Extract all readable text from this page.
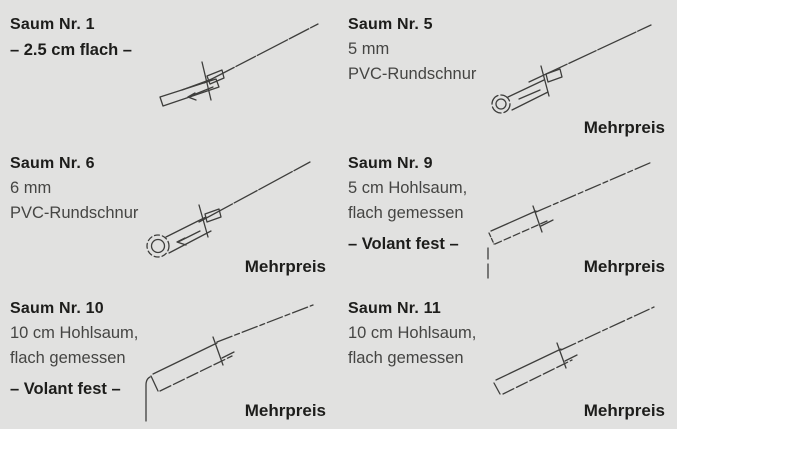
Saum Nr. 1
– 2.5 cm flach –
Saum Nr. 5
5 mm
PVC-Rundschnur
Mehrpreis
Saum Nr. 6
6 mm
PVC-Rundschnur
Mehrpreis
Saum Nr. 9
5 cm Hohlsaum,
flach gemessen
– Volant fest –
Mehrpreis
Saum Nr. 10
10 cm Hohlsaum,
flach gemessen
– Volant fest –
Mehrpreis
Saum Nr. 11
10 cm Hohlsaum,
flach gemessen
Mehrpreis
